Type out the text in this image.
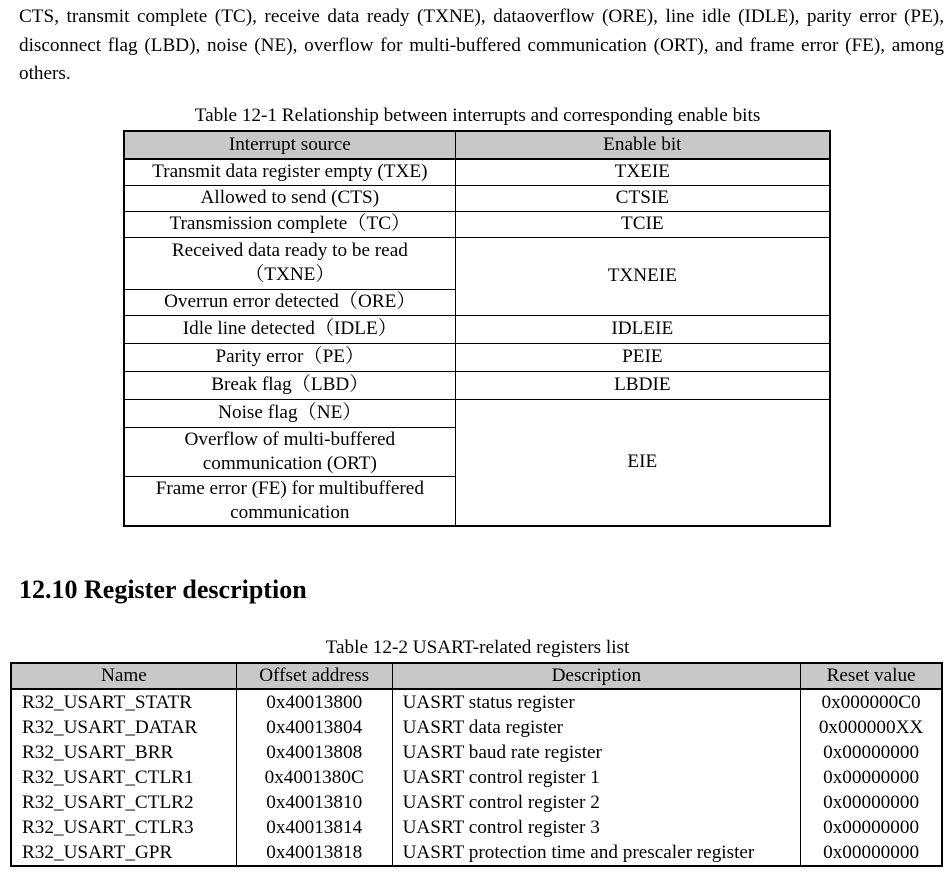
CTS, transmit complete (TC), receive data ready (TXNE), dataoverflow (ORE), line idle (IDLE), parity error (PE), disconnect flag (LBD), noise (NE), overflow for multi-buffered communication (ORT), and frame error (FE), among others.

Table 12-1 Relationship between interrupts and corresponding enable bits

Interrupt source	Enable bit
Transmit data register empty (TXE)	TXEIE
Allowed to send (CTS)	CTSIE
Transmission complete（TC）	TCIE
Received data ready to be read
（TXNE）	TXNEIE
Overrun error detected（ORE）	
Idle line detected（IDLE）	IDLEIE
Parity error（PE）	PEIE
Break flag（LBD）	LBDIE
Noise flag（NE）	EIE
Overflow of multi-buffered communication (ORT)	
Frame error (FE) for multibuffered communication	
12.10 Register description

Table 12-2 USART-related registers list

Name	Offset address	Description	Reset value
R32_USART_STATR	0x40013800	UASRT status register	0x000000C0
R32_USART_DATAR	0x40013804	UASRT data register	0x000000XX
R32_USART_BRR	0x40013808	UASRT baud rate register	0x00000000
R32_USART_CTLR1	0x4001380C	UASRT control register 1	0x00000000
R32_USART_CTLR2	0x40013810	UASRT control register 2	0x00000000
R32_USART_CTLR3	0x40013814	UASRT control register 3	0x00000000
R32_USART_GPR	0x40013818	UASRT protection time and prescaler register	0x00000000
